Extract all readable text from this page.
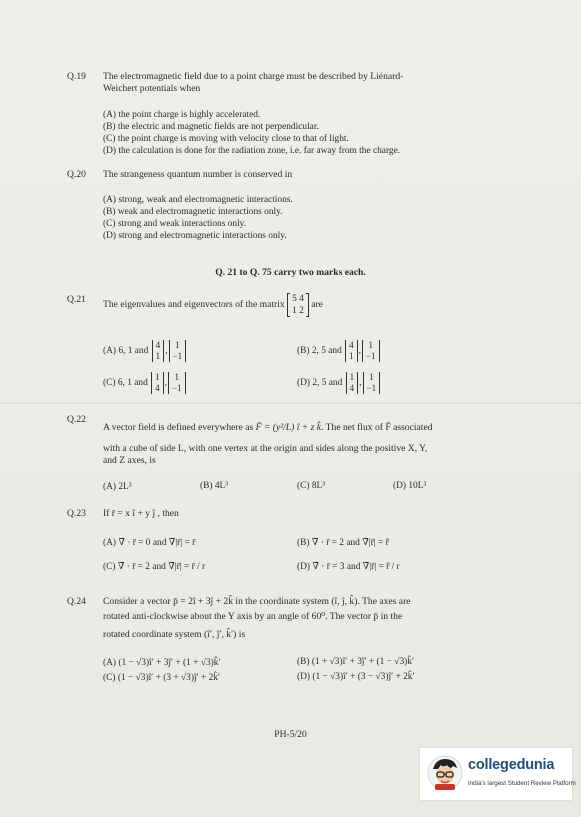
Q.19 The electromagnetic field due to a point charge must be described by Liénard-
Weichert potentials when
(A) the point charge is highly accelerated.
(B) the electric and magnetic fields are not perpendicular.
(C) the point charge is moving with velocity close to that of light.
(D) the calculation is done for the radiation zone, i.e. far away from the charge.
Q.20 The strangeness quantum number is conserved in
(A) strong, weak and electromagnetic interactions.
(B) weak and electromagnetic interactions only.
(C) strong and weak interactions only.
(D) strong and electromagnetic interactions only.
Q. 21 to Q. 75 carry two marks each.
Q.21 The eigenvalues and eigenvectors of the matrix
5 4
1 2
are
(A) 6, 1 and
4
1 ,
1
−1	(B) 2, 5 and
4
1 ,
1
−1
(C) 6, 1 and
1
4 ,
1
−1	(D) 2, 5 and
1
4 ,
1
−1
Q.22
A vector field is defined everywhere as F̄ = (y²/L) î + z k̂. The net flux of F̄ associated
with a cube of side L, with one vertex at the origin and sides along the positive X, Y,
and Z axes, is
(A) 2L³	(B) 4L³	(C) 8L³	(D) 10L³
Q.23 If r̄ = x î + y ĵ , then
(A) ∇̄ · r̄ = 0 and ∇̄|r̄| = r̄	(B) ∇̄ · r̄ = 2 and ∇̄|r̄| = r̂
(C) ∇̄ · r̄ = 2 and ∇̄|r̄| = r̄ / r	(D) ∇̄ · r̄ = 3 and ∇̄|r̄| = r̂ / r
Q.24 Consider a vector p̄ = 2î + 3ĵ + 2k̂ in the coordinate system (î, ĵ, k̂). The axes are
rotated anti-clockwise about the Y axis by an angle of 60⁰. The vector p̄ in the
rotated coordinate system (î′, ĵ′, k̂′) is
(A) (1 − √3)î′ + 3ĵ′ + (1 + √3)k̂′	(B) (1 + √3)î′ + 3ĵ′ + (1 − √3)k̂′
(C) (1 − √3)î′ + (3 + √3)ĵ′ + 2k̂′	(D) (1 − √3)î′ + (3 − √3)ĵ′ + 2k̂′
PH-5/20
collegedunia
India's largest Student Review Platform
